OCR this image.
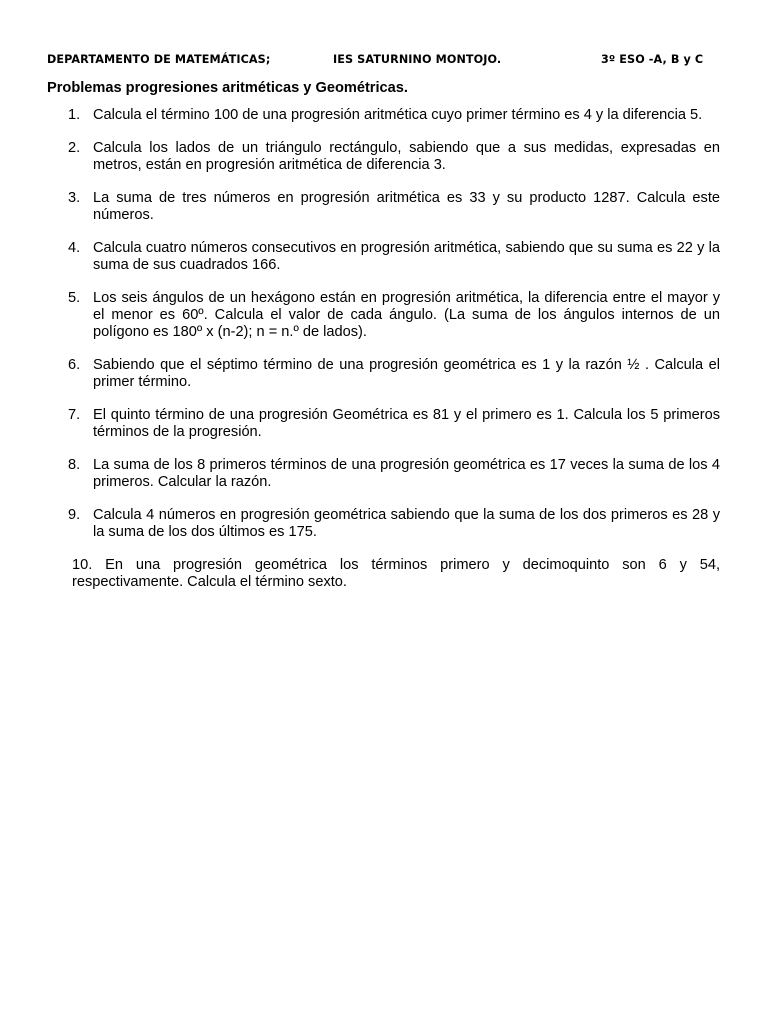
DEPARTAMENTO DE MATEMÁTICAS;	IES SATURNINO MONTOJO.	3º ESO -A, B y C
Problemas progresiones aritméticas y Geométricas.
1. Calcula el término 100 de una progresión aritmética cuyo primer término es 4 y la diferencia 5.
2. Calcula los lados de un triángulo rectángulo, sabiendo que a sus medidas, expresadas en metros, están en progresión aritmética de diferencia 3.
3. La suma de tres números en progresión aritmética es 33 y su producto 1287. Calcula este números.
4. Calcula cuatro números consecutivos en progresión aritmética, sabiendo que su suma es 22 y la suma de sus cuadrados 166.
5. Los seis ángulos de un hexágono están en progresión aritmética, la diferencia entre el mayor y el menor es 60º. Calcula el valor de cada ángulo. (La suma de los ángulos internos de un polígono es 180º x (n-2); n = n.º de lados).
6. Sabiendo que el séptimo término de una progresión geométrica es 1 y la razón ½ . Calcula el primer término.
7. El quinto término de una progresión Geométrica es 81 y el primero es 1. Calcula los 5 primeros términos de la progresión.
8. La suma de los 8 primeros términos de una progresión geométrica es 17 veces la suma de los 4 primeros. Calcular la razón.
9. Calcula 4 números en progresión geométrica sabiendo que la suma de los dos primeros es 28 y la suma de los dos últimos es 175.
10. En una progresión geométrica los términos primero y decimoquinto son 6 y 54, respectivamente. Calcula el término sexto.
